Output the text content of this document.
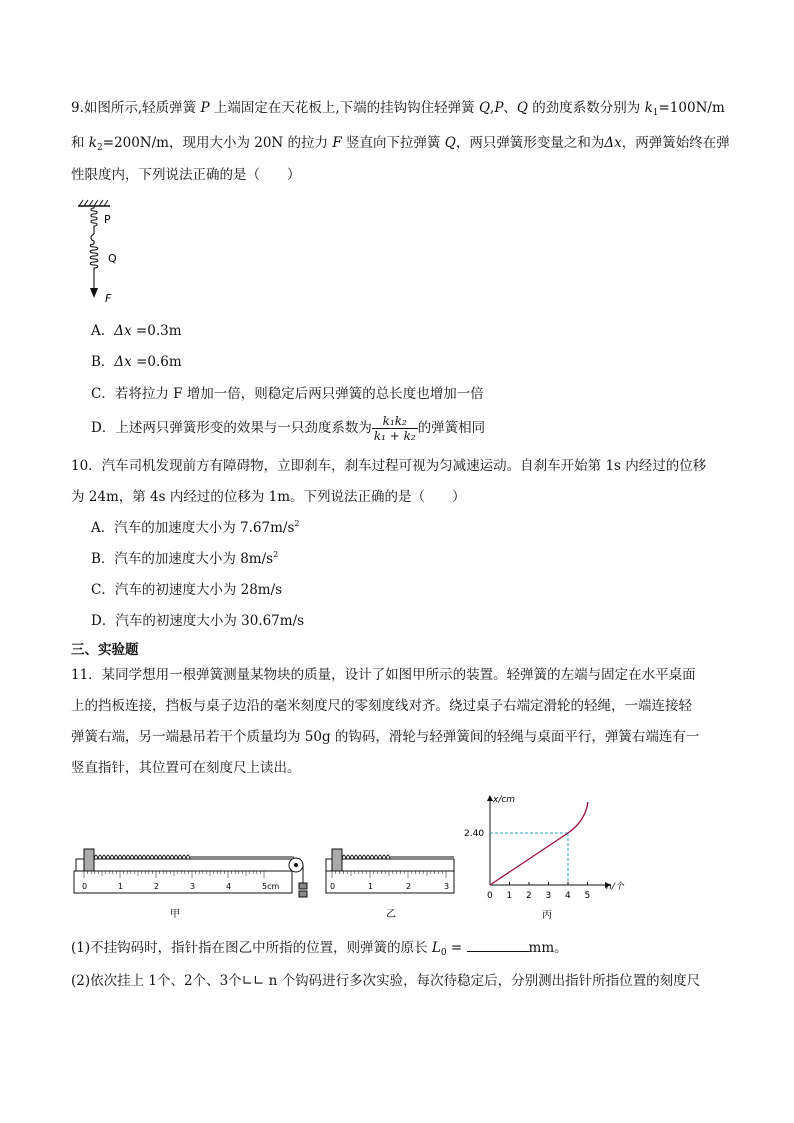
9.如图所示,轻质弹簧 P 上端固定在天花板上,下端的挂钩钩住轻弹簧 Q,P、Q 的劲度系数分别为 $k_1=100N/m$
和 $k_2=200N/m$，现用大小为 20N 的拉力 F 竖直向下拉弹簧 Q，两只弹簧形变量之和为Δx，两弹簧始终在弹
性限度内，下列说法正确的是（　　）
P
Q
F
A．Δx =0.3m
B．Δx =0.6m
C．若将拉力 F 增加一倍，则稳定后两只弹簧的总长度也增加一倍
D．上述两只弹簧形变的效果与一只劲度系数为 $\frac{\text{k₁k₂}}{\text{k₁ + k₂}}$ 的弹簧相同
10．汽车司机发现前方有障碍物，立即刹车，刹车过程可视为匀减速运动。自刹车开始第 1s 内经过的位移
为 24m，第 4s 内经过的位移为 1m。下列说法正确的是（　　）
A．汽车的加速度大小为 $7.67m/s^2$
B．汽车的加速度大小为 $8m/s^2$
C．汽车的初速度大小为 28m/s
D．汽车的初速度大小为 30.67m/s
三、实验题
11．某同学想用一根弹簧测量某物块的质量，设计了如图甲所示的装置。轻弹簧的左端与固定在水平桌面
上的挡板连接，挡板与桌子边沿的毫米刻度尺的零刻度线对齐。绕过桌子右端定滑轮的轻绳，一端连接轻
弹簧右端，另一端悬吊若干个质量均为 50g 的钩码，滑轮与轻弹簧间的轻绳与桌面平行，弹簧右端连有一
竖直指针，其位置可在刻度尺上读出。
0	1	2	3	4	5cm
甲
0	1	2	3
乙
x/cm
n/个
2.40
0 1 2 3 4 5
丙
(1)不挂钩码时，指针指在图乙中所指的位置，则弹簧的原长 $L_0$ =	mm。
(2)依次挂上 1个、2个、3个∟∟ n 个钩码进行多次实验，每次待稳定后，分别测出指针所指位置的刻度尺
